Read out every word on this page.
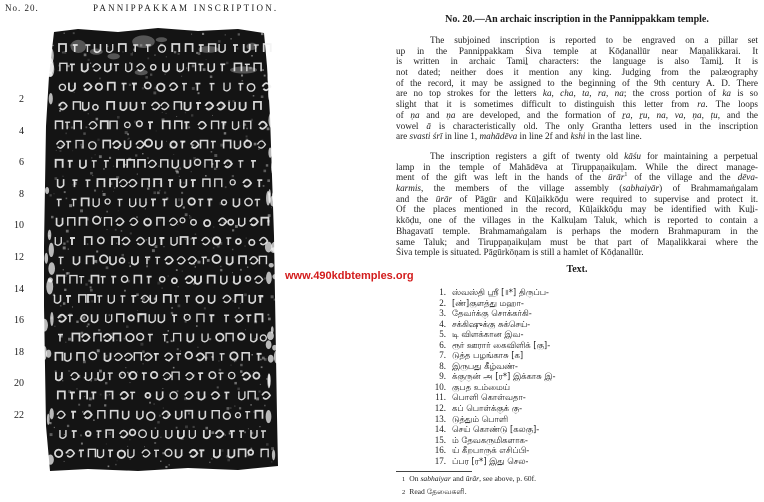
No. 20.	PANNIPPAKKAM INSCRIPTION.
2
4
6
8
10
12
14
16
18
20
22
www.490kdbtemples.org
No. 20.—An archaic inscription in the Pannippakkam temple.
The subjoined inscription is reported to be engraved on a pillar set
up in the Pannippakkam Śiva temple at Kōḍanallūr near Maṇalikkarai. It
is written in archaic Tamiḻ characters: the language is also Tamiḻ. It is
not dated; neither does it mention any king. Judging from the palæography
of the record, it may be assigned to the beginning of the 9th century A. D. There
are no top strokes for the letters ka, cha, ta, ra, na; the cross portion of ka is so
slight that it is sometimes difficult to distinguish this letter from ra. The loops
of ṇa and ṇa are developed, and the formation of ṟa, ṟu, na, va, ṇa, ṭu, and the
vowel ā is characteristically old. The only Grantha letters used in the inscription
are svasti śrī in line 1, mahādēva in line 2f and kshi in the last line.
The inscription registers a gift of twenty old kāśu for maintaining a perpetual
lamp in the temple of Mahādēva at Tiruppaṇaikuḷam. While the direct manage-
ment of the gift was left in the hands of the ūrār$^1$ of the village and the dēva-
karmis, the members of the village assembly (sabhaiyār) of Brahmamaṅgalam
and the ūrār of Pāgūr and Kūḷaikkōḍu were required to supervise and protect it.
Of the places mentioned in the record, Kūḷaikkōḍu may be identified with Kuḻi-
kkōḍu, one of the villages in the Kalkuḷam Taluk, which is reported to contain a
Bhagavatī temple. Brahmamaṅgalam is perhaps the modern Brahmapuram in the
same Taluk; and Tiruppaṇaikuḷam must be that part of Maṇalikkarai where the
Śiva temple is situated. Pāgūrkōṇam is still a hamlet of Kōḍanallūr.
Text.
1. ஸ்வஸ்தி ஸ்ரீ [॥*] திருப்ப-
2. [ண்]குளத்து மஹா-
3. தேவர்க்கு சொக்கர்கி-
4. சக்கிஷுக்கு சுக்செய்-
5. டி விளக்கான இவ-
6. ரூர் ஊரார் கைவிளிக் [கு]-
7. டுத்த பழங்காசு [க]
8. இருபது கீழ்வண்-
9. க்குருன் அ [ர*] இக்காசு இ-
10. குபத உம்மைய்
11. பொளி கொள்வதா-
12. கப் பொள்க்குக் கு-
13. டுத்தும் பொளி
14. செய் கொண்டு [கலகு]-
15. ம் தேவகருமிகளாக-
16. ய் கீறபாருக் எசிப்பி-
17. ப்பர [ர*] இது செல-
1 On sabhaiyar and ūrār, see above, p. 60f.
2 Read தேவைகளி.
